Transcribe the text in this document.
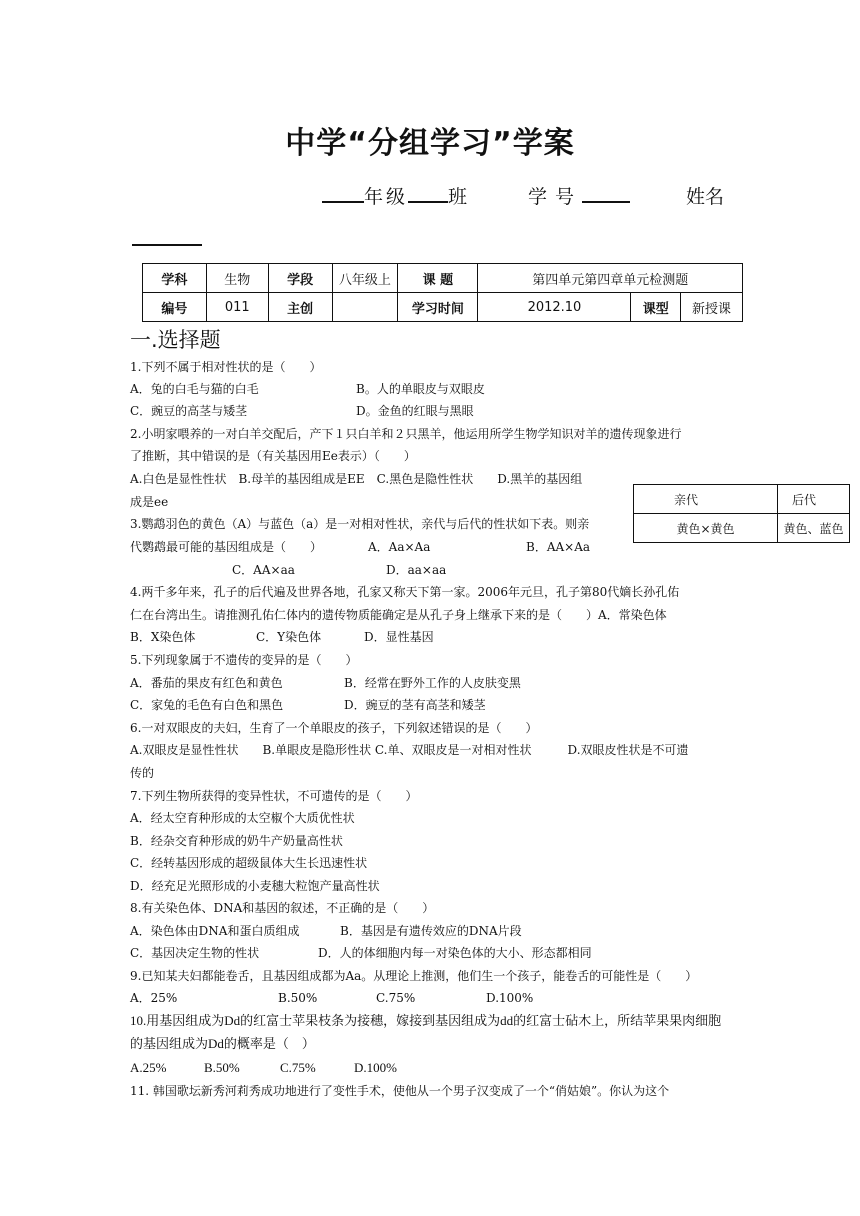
中学“分组学习”学案
年级 班	学号	姓名
学科	生物	学段	八年级上	课 题	第四单元第四章单元检测题		
编号	011	主创		学习时间	2012.10	课型	新授课
一.选择题
1.下列不属于相对性状的是（　　）
A．兔的白毛与猫的白毛	B。人的单眼皮与双眼皮
C．豌豆的高茎与矮茎	D。金鱼的红眼与黑眼
2.小明家喂养的一对白羊交配后，产下１只白羊和２只黑羊，他运用所学生物学知识对羊的遗传现象进行
了推断，其中错误的是（有关基因用Ee表示）（　　）
A.白色是显性性状　B.母羊的基因组成是EE　C.黑色是隐性性状　　D.黑羊的基因组
成是ee
3.鹦鹉羽色的黄色（A）与蓝色（a）是一对相对性状，亲代与后代的性状如下表。则亲
代鹦鹉最可能的基因组成是（　　）	A．Aa×Aa	B．AA×Aa
C．AA×aa	D．aa×aa
亲代	后代
黄色×黄色	黄色、蓝色
4.两千多年来，孔子的后代遍及世界各地，孔家又称天下第一家。2006年元旦，孔子第80代嫡长孙孔佑
仁在台湾出生。请推测孔佑仁体内的遗传物质能确定是从孔子身上继承下来的是（　　）A．常染色体
B．X染色体	C．Y染色体	D．显性基因
5.下列现象属于不遗传的变异的是（　　）
A．番茄的果皮有红色和黄色	B．经常在野外工作的人皮肤变黑
C．家兔的毛色有白色和黑色	D．豌豆的茎有高茎和矮茎
6.一对双眼皮的夫妇，生育了一个单眼皮的孩子，下列叙述错误的是（　　）
A.双眼皮是显性性状　　B.单眼皮是隐形性状 C.单、双眼皮是一对相对性状　　　D.双眼皮性状是不可遗
传的
7.下列生物所获得的变异性状，不可遗传的是（　　）
A．经太空育种形成的太空椒个大质优性状
B．经杂交育种形成的奶牛产奶量高性状
C．经转基因形成的超级鼠体大生长迅速性状
D．经充足光照形成的小麦穗大粒饱产量高性状
8.有关染色体、DNA和基因的叙述，不正确的是（　　）
A．染色体由DNA和蛋白质组成	B．基因是有遗传效应的DNA片段
C．基因决定生物的性状	D．人的体细胞内每一对染色体的大小、形态都相同
9.已知某夫妇都能卷舌，且基因组成都为Aa。从理论上推测，他们生一个孩子，能卷舌的可能性是（　　）
A．25%	B.50%	C.75%	D.100%
10.用基因组成为Dd的红富士苹果枝条为接穗，嫁接到基因组成为dd的红富士砧木上，所结苹果果肉细胞
的基因组成为Dd的概率是（　）
A.25%	B.50%	C.75%	D.100%
11. 韩国歌坛新秀河莉秀成功地进行了变性手术，使他从一个男子汉变成了一个“俏姑娘”。你认为这个
